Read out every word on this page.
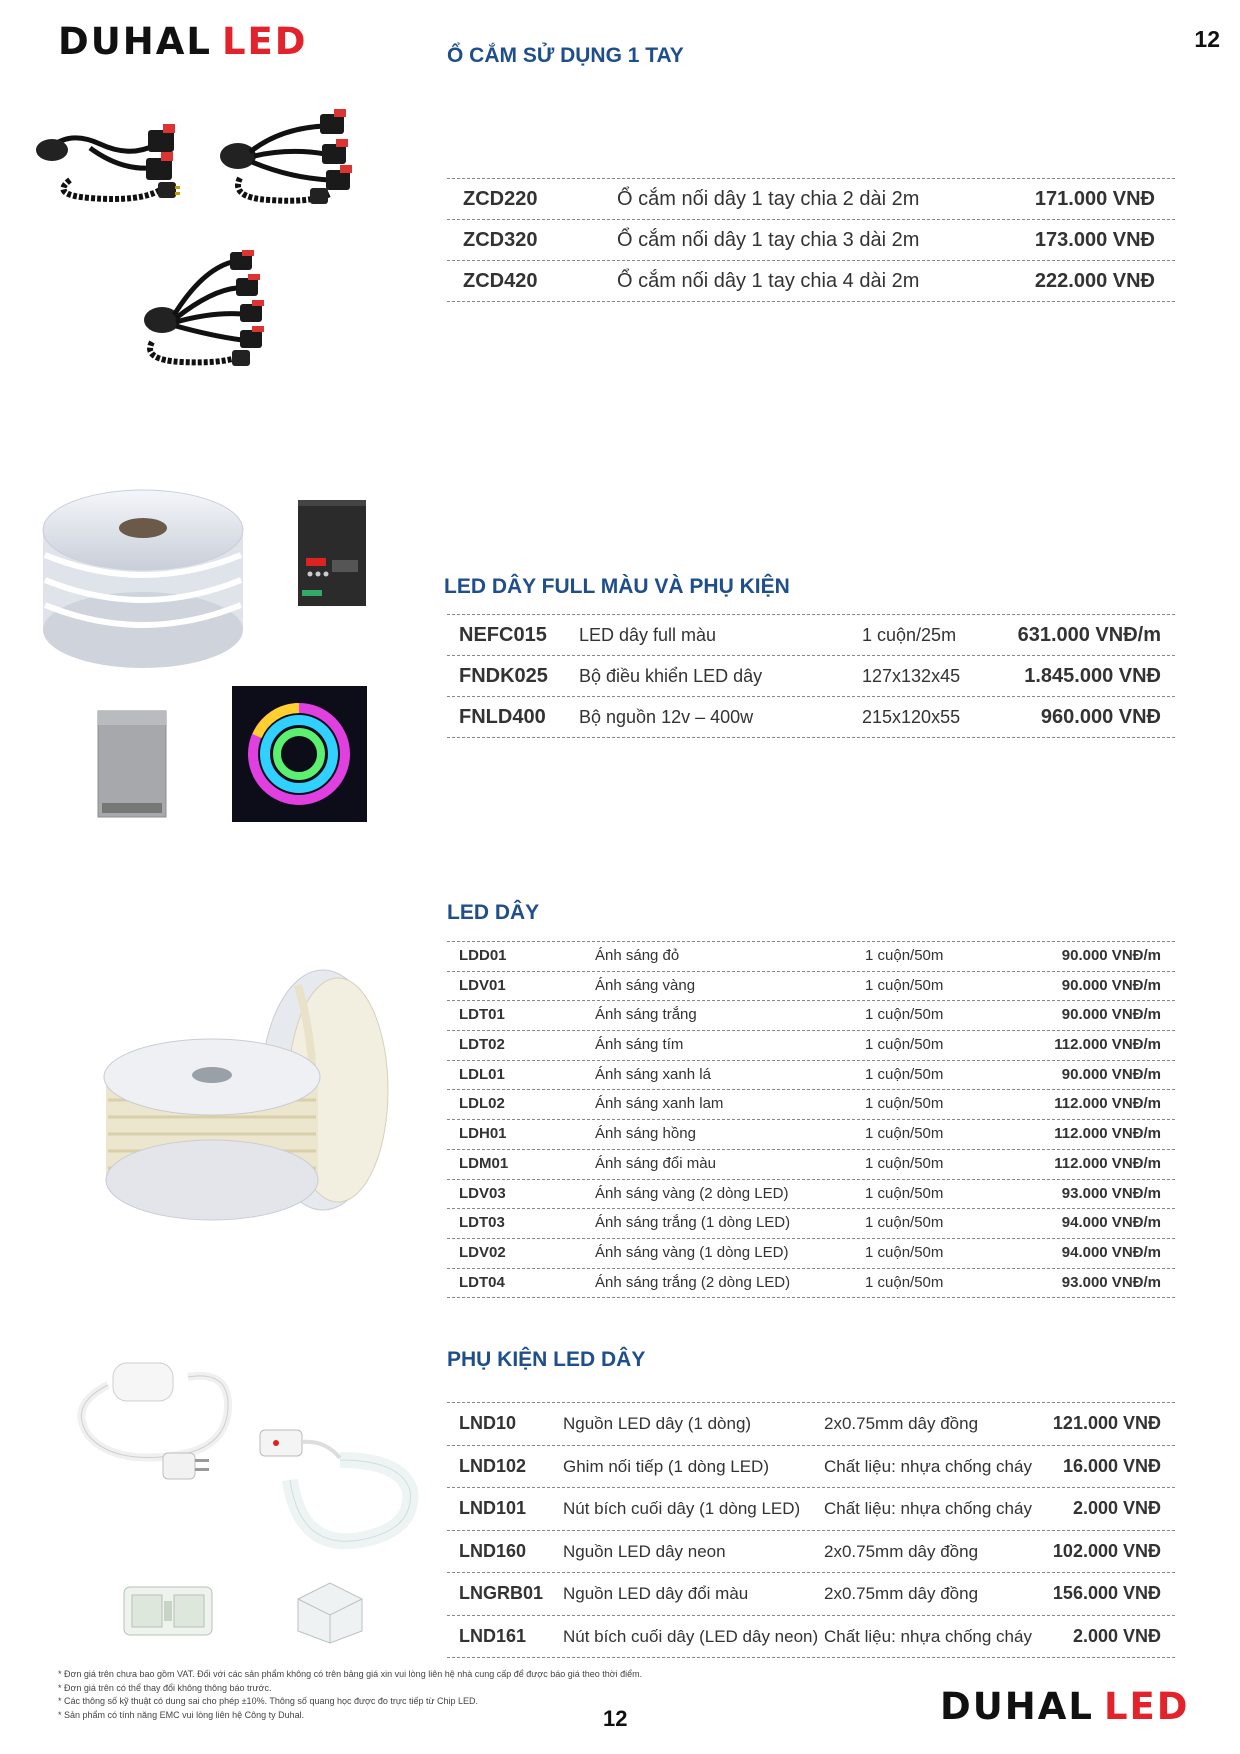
DUHAL LED	12
Ổ CẮM SỬ DỤNG 1 TAY
ZCD220	Ổ cắm nối dây 1 tay chia 2 dài 2m	171.000 VNĐ
ZCD320	Ổ cắm nối dây 1 tay chia 3 dài 2m	173.000 VNĐ
ZCD420	Ổ cắm nối dây 1 tay chia 4 dài 2m	222.000 VNĐ
LED DÂY FULL MÀU VÀ PHỤ KIỆN
NEFC015 LED dây full màu	1 cuộn/25m	631.000 VNĐ/m
FNDK025 Bộ điều khiển LED dây	127x132x45	1.845.000 VNĐ
FNLD400 Bộ nguồn 12v – 400w	215x120x55	960.000 VNĐ
LED DÂY
LDD01	Ánh sáng đỏ	1 cuộn/50m	90.000 VNĐ/m
LDV01	Ánh sáng vàng	1 cuộn/50m	90.000 VNĐ/m
LDT01	Ánh sáng trắng	1 cuộn/50m	90.000 VNĐ/m
LDT02	Ánh sáng tím	1 cuộn/50m	112.000 VNĐ/m
LDL01	Ánh sáng xanh lá	1 cuộn/50m	90.000 VNĐ/m
LDL02	Ánh sáng xanh lam	1 cuộn/50m	112.000 VNĐ/m
LDH01	Ánh sáng hồng	1 cuộn/50m	112.000 VNĐ/m
LDM01	Ánh sáng đổi màu	1 cuộn/50m	112.000 VNĐ/m
LDV03	Ánh sáng vàng (2 dòng LED)	1 cuộn/50m	93.000 VNĐ/m
LDT03	Ánh sáng trắng (1 dòng LED)	1 cuộn/50m	94.000 VNĐ/m
LDV02	Ánh sáng vàng (1 dòng LED)	1 cuộn/50m	94.000 VNĐ/m
LDT04	Ánh sáng trắng (2 dòng LED)	1 cuộn/50m	93.000 VNĐ/m
PHỤ KIỆN LED DÂY
LND10	Nguồn LED dây (1 dòng)	2x0.75mm dây đồng	121.000 VNĐ
LND102 Ghim nối tiếp (1 dòng LED)	Chất liệu: nhựa chống cháy 16.000 VNĐ
LND101 Nút bích cuối dây (1 dòng LED) Chất liệu: nhựa chống cháy 2.000 VNĐ
LND160 Nguồn LED dây neon	2x0.75mm dây đồng	102.000 VNĐ
LNGRB01 Nguồn LED dây đổi màu	2x0.75mm dây đồng	156.000 VNĐ
LND161 Nút bích cuối dây (LED dây neon) Chất liệu: nhựa chống cháy 2.000 VNĐ
* Đơn giá trên chưa bao gồm VAT. Đối với các sản phẩm không có trên bảng giá xin vui lòng liên hệ nhà cung cấp để được báo giá theo thời điểm.
* Đơn giá trên có thể thay đổi không thông báo trước.
* Các thông số kỹ thuật có dung sai cho phép ±10%. Thông số quang học được đo trực tiếp từ Chip LED.
* Sản phẩm có tính năng EMC vui lòng liên hệ Công ty Duhal.	12	DUHAL LED
